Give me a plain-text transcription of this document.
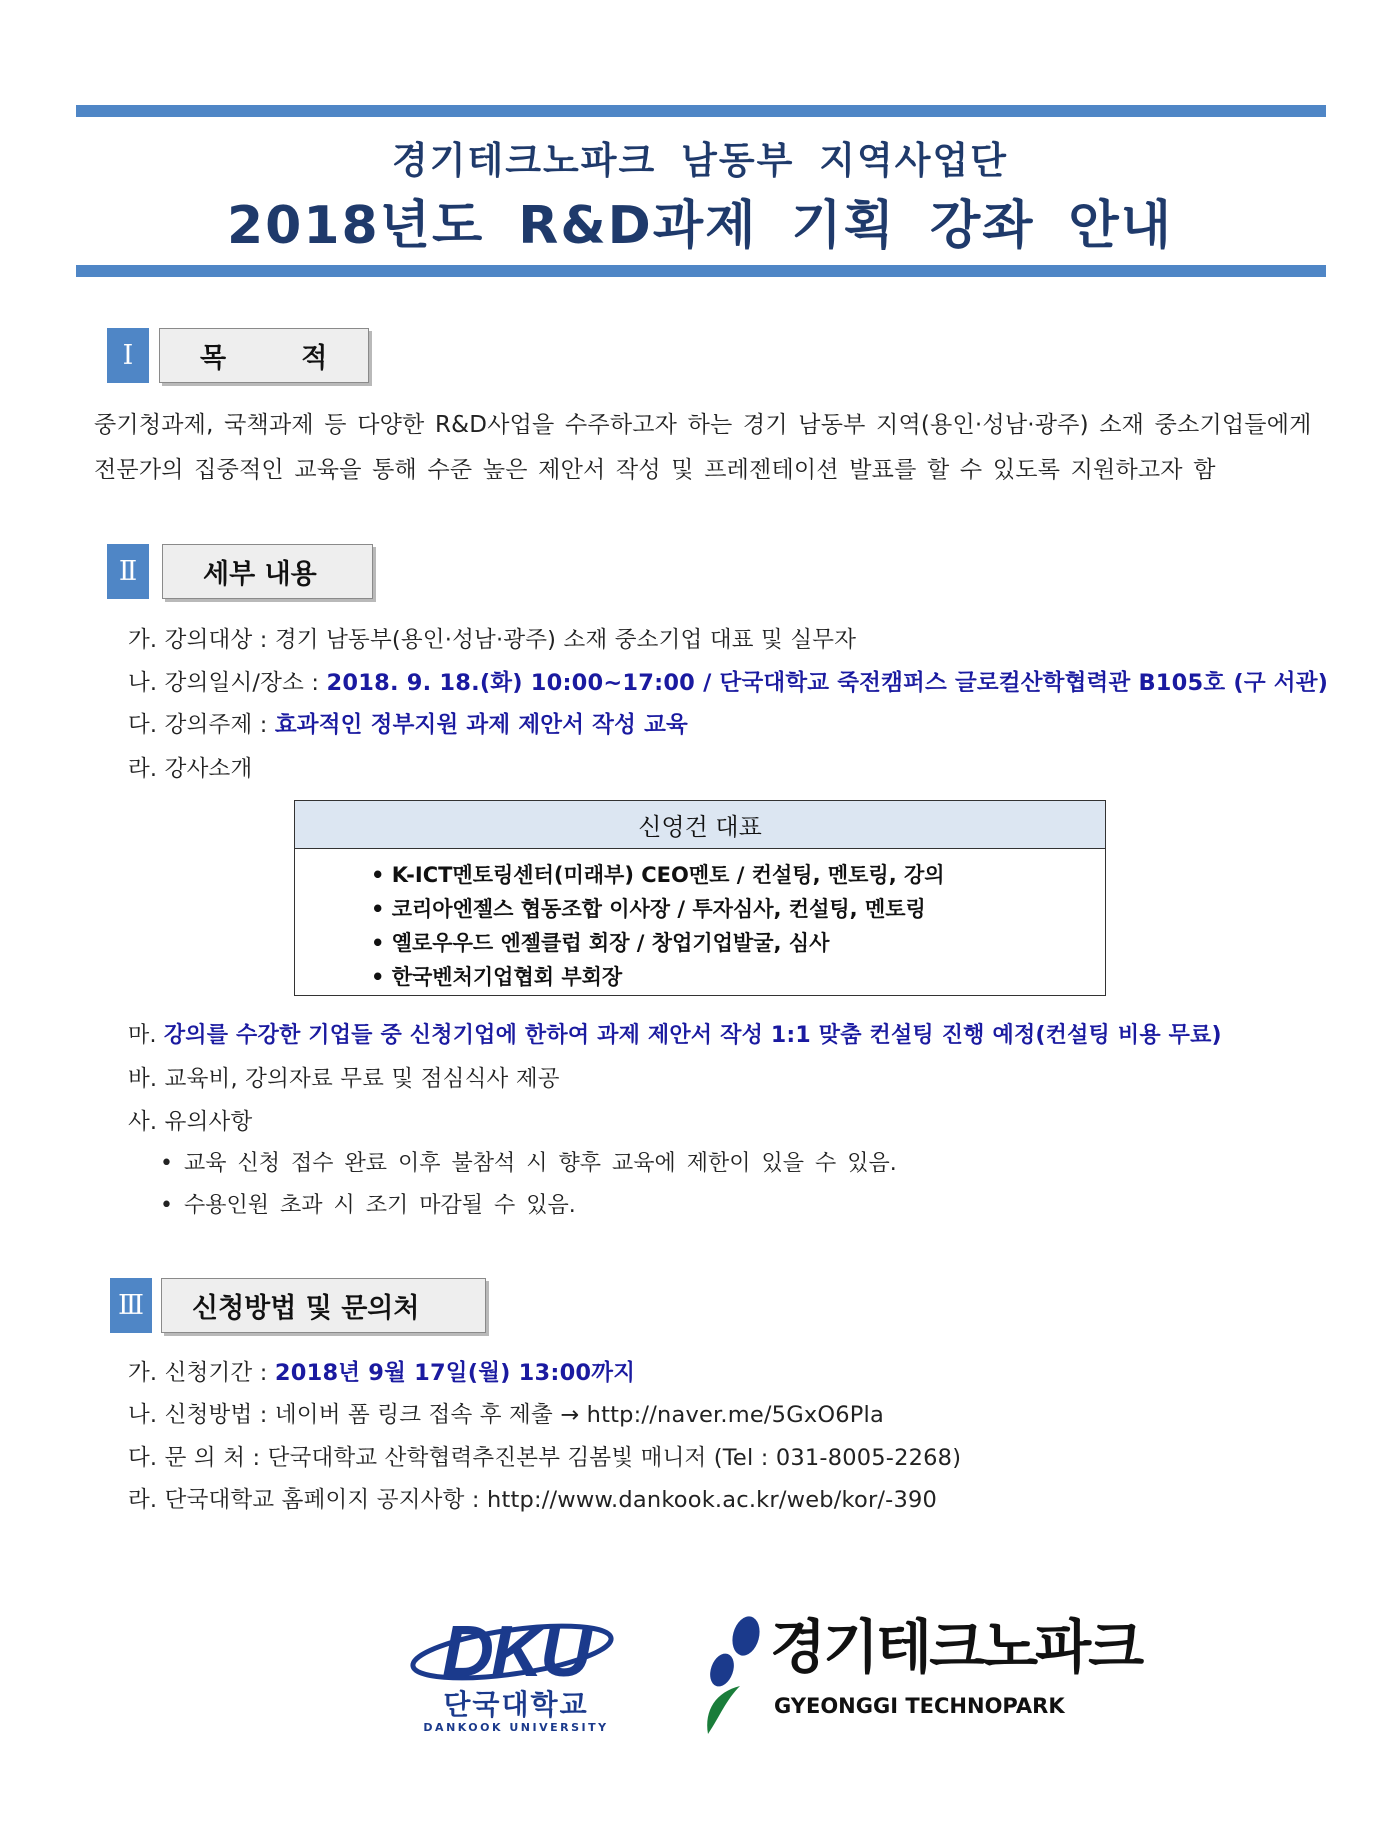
경기테크노파크 남동부 지역사업단
2018년도 R&D과제 기획 강좌 안내
Ⅰ	목        적
중기청과제, 국책과제 등 다양한 R&D사업을 수주하고자 하는 경기 남동부 지역(용인·성남·광주) 소재 중소기업들에게
전문가의 집중적인 교육을 통해 수준 높은 제안서 작성 및 프레젠테이션 발표를 할 수 있도록 지원하고자 함
Ⅱ	세부 내용
가. 강의대상 : 경기 남동부(용인·성남·광주) 소재 중소기업 대표 및 실무자
나. 강의일시/장소 : 2018. 9. 18.(화) 10:00~17:00 / 단국대학교 죽전캠퍼스 글로컬산학협력관 B105호 (구 서관)
다. 강의주제 : 효과적인 정부지원 과제 제안서 작성 교육
라. 강사소개
신영건 대표
• K-ICT멘토링센터(미래부) CEO멘토 / 컨설팅, 멘토링, 강의
• 코리아엔젤스 협동조합 이사장 / 투자심사, 컨설팅, 멘토링
• 옐로우우드 엔젤클럽 회장 / 창업기업발굴, 심사
• 한국벤처기업협회 부회장
마. 강의를 수강한 기업들 중 신청기업에 한하여 과제 제안서 작성 1:1 맞춤 컨설팅 진행 예정(컨설팅 비용 무료)
바. 교육비, 강의자료 무료 및 점심식사 제공
사. 유의사항
• 교육 신청 접수 완료 이후 불참석 시 향후 교육에 제한이 있을 수 있음.
• 수용인원 초과 시 조기 마감될 수 있음.
Ⅲ	신청방법 및 문의처
가. 신청기간 : 2018년 9월 17일(월) 13:00까지
나. 신청방법 : 네이버 폼 링크 접속 후 제출 → http://naver.me/5GxO6Pla
다. 문 의 처 : 단국대학교 산학협력추진본부 김봄빛 매니저 (Tel : 031-8005-2268)
라. 단국대학교 홈페이지 공지사항 : http://www.dankook.ac.kr/web/kor/-390
DKU
단국대학교
DANKOOK UNIVERSITY
경기테크노파크
GYEONGGI TECHNOPARK
